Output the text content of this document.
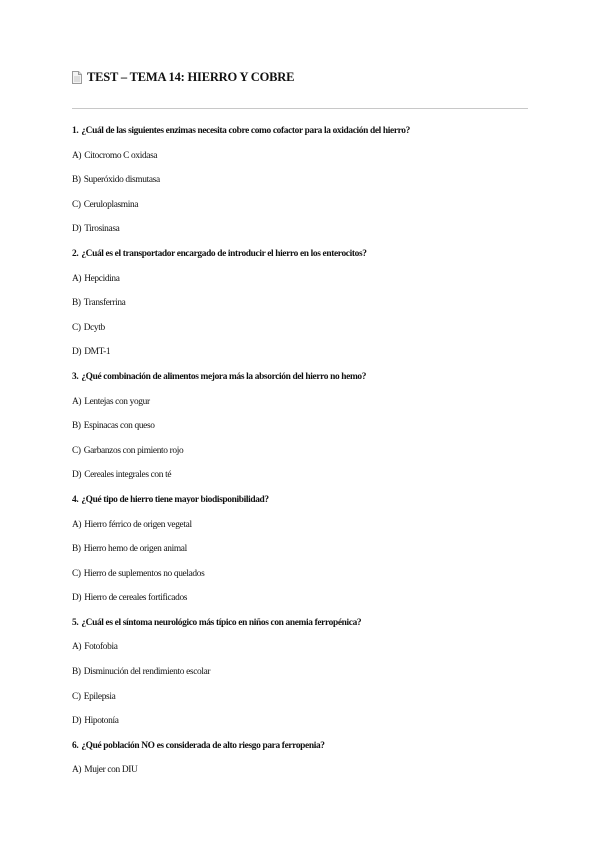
TEST – TEMA 14: HIERRO Y COBRE
1. ¿Cuál de las siguientes enzimas necesita cobre como cofactor para la oxidación del hierro?
A) Citocromo C oxidasa
B) Superóxido dismutasa
C) Ceruloplasmina
D) Tirosinasa
2. ¿Cuál es el transportador encargado de introducir el hierro en los enterocitos?
A) Hepcidina
B) Transferrina
C) Dcytb
D) DMT-1
3. ¿Qué combinación de alimentos mejora más la absorción del hierro no hemo?
A) Lentejas con yogur
B) Espinacas con queso
C) Garbanzos con pimiento rojo
D) Cereales integrales con té
4. ¿Qué tipo de hierro tiene mayor biodisponibilidad?
A) Hierro férrico de origen vegetal
B) Hierro hemo de origen animal
C) Hierro de suplementos no quelados
D) Hierro de cereales fortificados
5. ¿Cuál es el síntoma neurológico más típico en niños con anemia ferropénica?
A) Fotofobia
B) Disminución del rendimiento escolar
C) Epilepsia
D) Hipotonía
6. ¿Qué población NO es considerada de alto riesgo para ferropenia?
A) Mujer con DIU
